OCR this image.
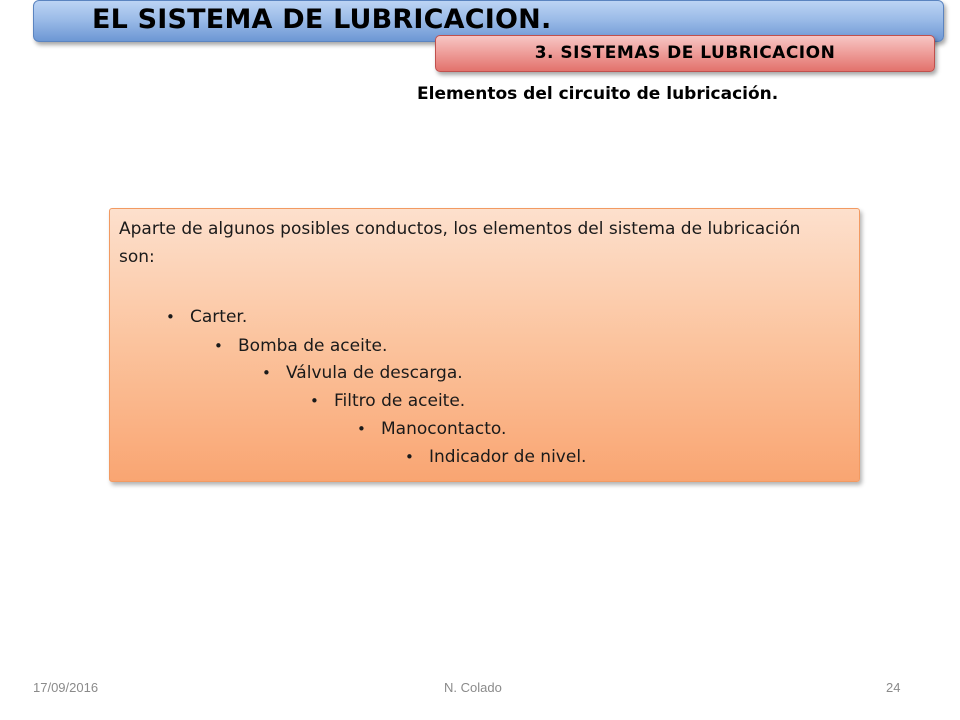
EL SISTEMA DE LUBRICACION.
3. SISTEMAS DE LUBRICACION
Elementos del circuito de lubricación.
Aparte de algunos posibles conductos, los elementos del sistema de lubricación son:
• Carter.
• Bomba de aceite.
• Válvula de descarga.
• Filtro de aceite.
• Manocontacto.
• Indicador de nivel.
17/09/2016	N. Colado	24
